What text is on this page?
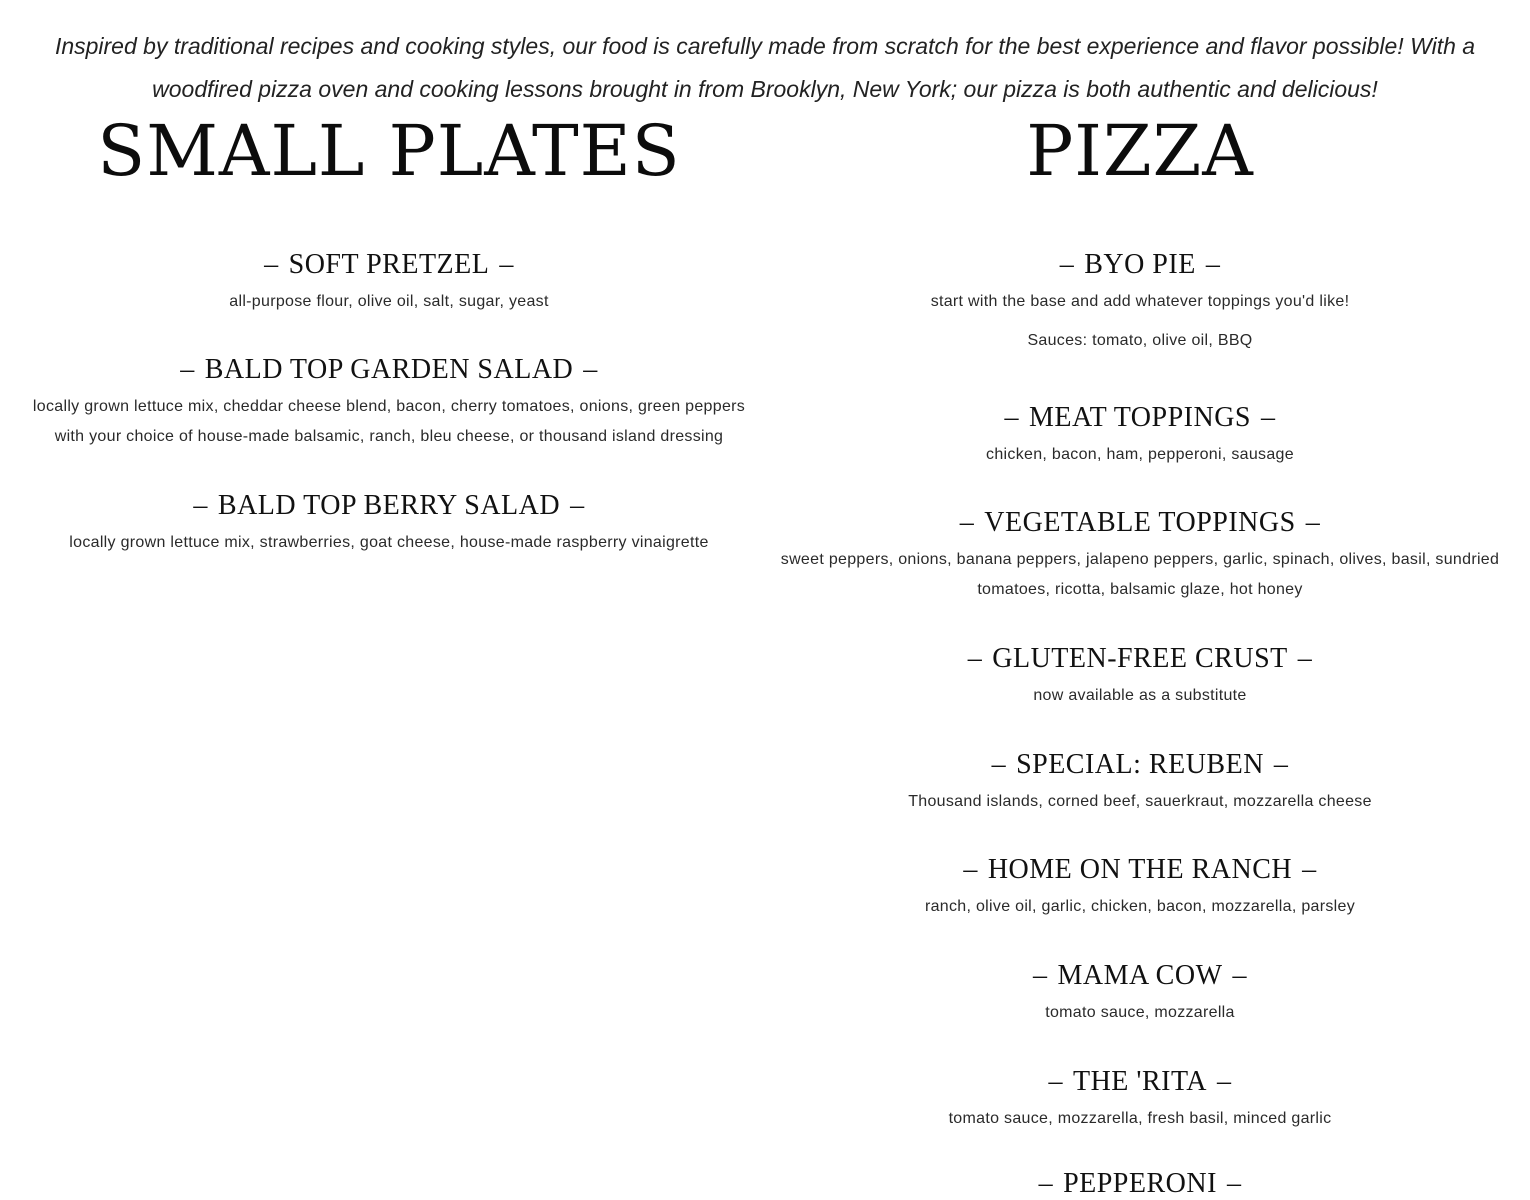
Inspired by traditional recipes and cooking styles, our food is carefully made from scratch for the best experience and flavor possible! With a woodfired pizza oven and cooking lessons brought in from Brooklyn, New York; our pizza is both authentic and delicious!

SMALL PLATES
– SOFT PRETZEL –

all-purpose flour, olive oil, salt, sugar, yeast

– BALD TOP GARDEN SALAD –

locally grown lettuce mix, cheddar cheese blend, bacon, cherry tomatoes, onions, green peppers with your choice of house-made balsamic, ranch, bleu cheese, or thousand island dressing

– BALD TOP BERRY SALAD –

locally grown lettuce mix, strawberries, goat cheese, house-made raspberry vinaigrette

PIZZA
– BYO PIE –

start with the base and add whatever toppings you'd like!

Sauces: tomato, olive oil, BBQ

– MEAT TOPPINGS –

chicken, bacon, ham, pepperoni, sausage

– VEGETABLE TOPPINGS –

sweet peppers, onions, banana peppers, jalapeno peppers, garlic, spinach, olives, basil, sundried tomatoes, ricotta, balsamic glaze, hot honey

– GLUTEN-FREE CRUST –

now available as a substitute

– SPECIAL: REUBEN –

Thousand islands, corned beef, sauerkraut, mozzarella cheese

– HOME ON THE RANCH –

ranch, olive oil, garlic, chicken, bacon, mozzarella, parsley

– MAMA COW –

tomato sauce, mozzarella

– THE 'RITA –

tomato sauce, mozzarella, fresh basil, minced garlic

– PEPPERONI –
